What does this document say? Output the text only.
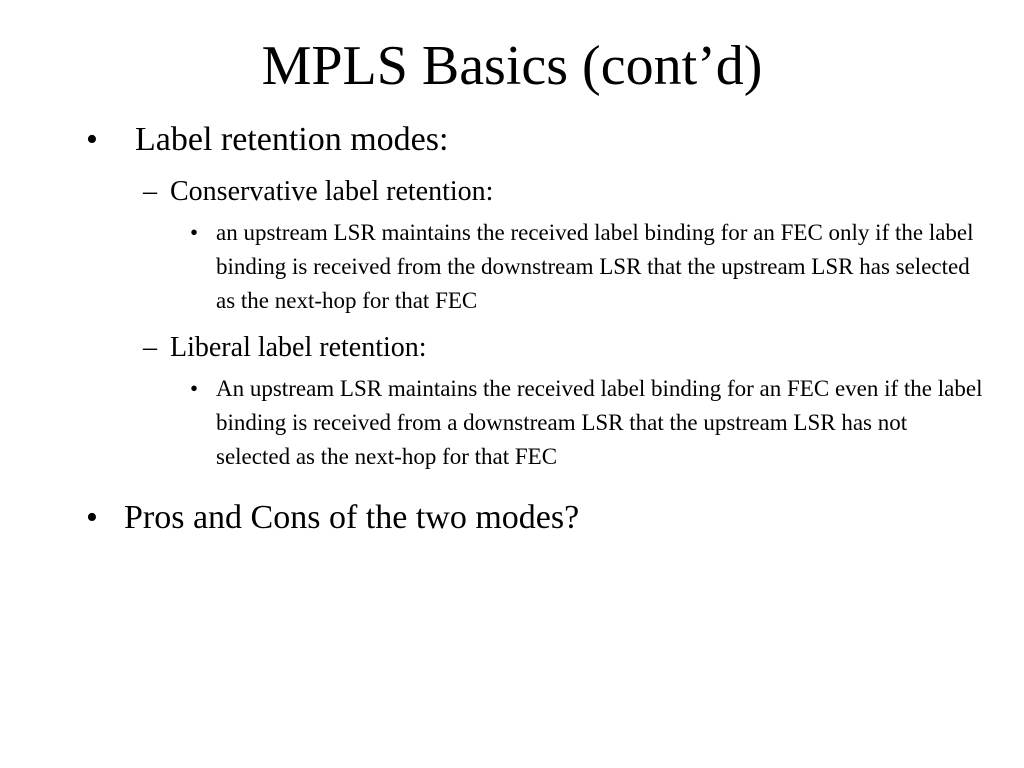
MPLS Basics (cont’d)
• Label retention modes:
– Conservative label retention:
• an upstream LSR maintains the received label binding for an FEC only if the label binding is received from the downstream LSR that the upstream LSR has selected as the next-hop for that FEC
– Liberal label retention:
• An upstream LSR maintains the received label binding for an FEC even if the label binding is received from a downstream LSR that the upstream LSR has not selected as the next-hop for that FEC
• Pros and Cons of the two modes?
